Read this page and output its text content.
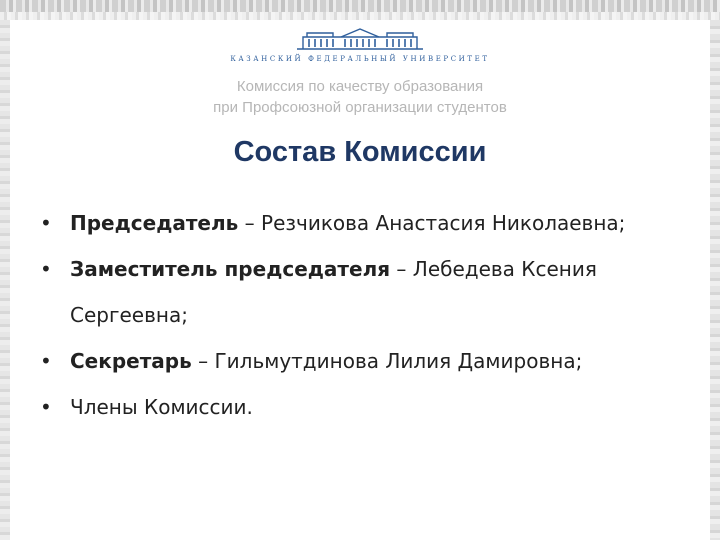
КАЗАНСКИЙ ФЕДЕРАЛЬНЫЙ УНИВЕРСИТЕТ
Комиссия по качеству образования
при Профсоюзной организации студентов
Состав Комиссии
• Председатель – Резчикова Анастасия Николаевна;
• Заместитель председателя – Лебедева Ксения Сергеевна;
• Секретарь – Гильмутдинова Лилия Дамировна;
• Члены Комиссии.
